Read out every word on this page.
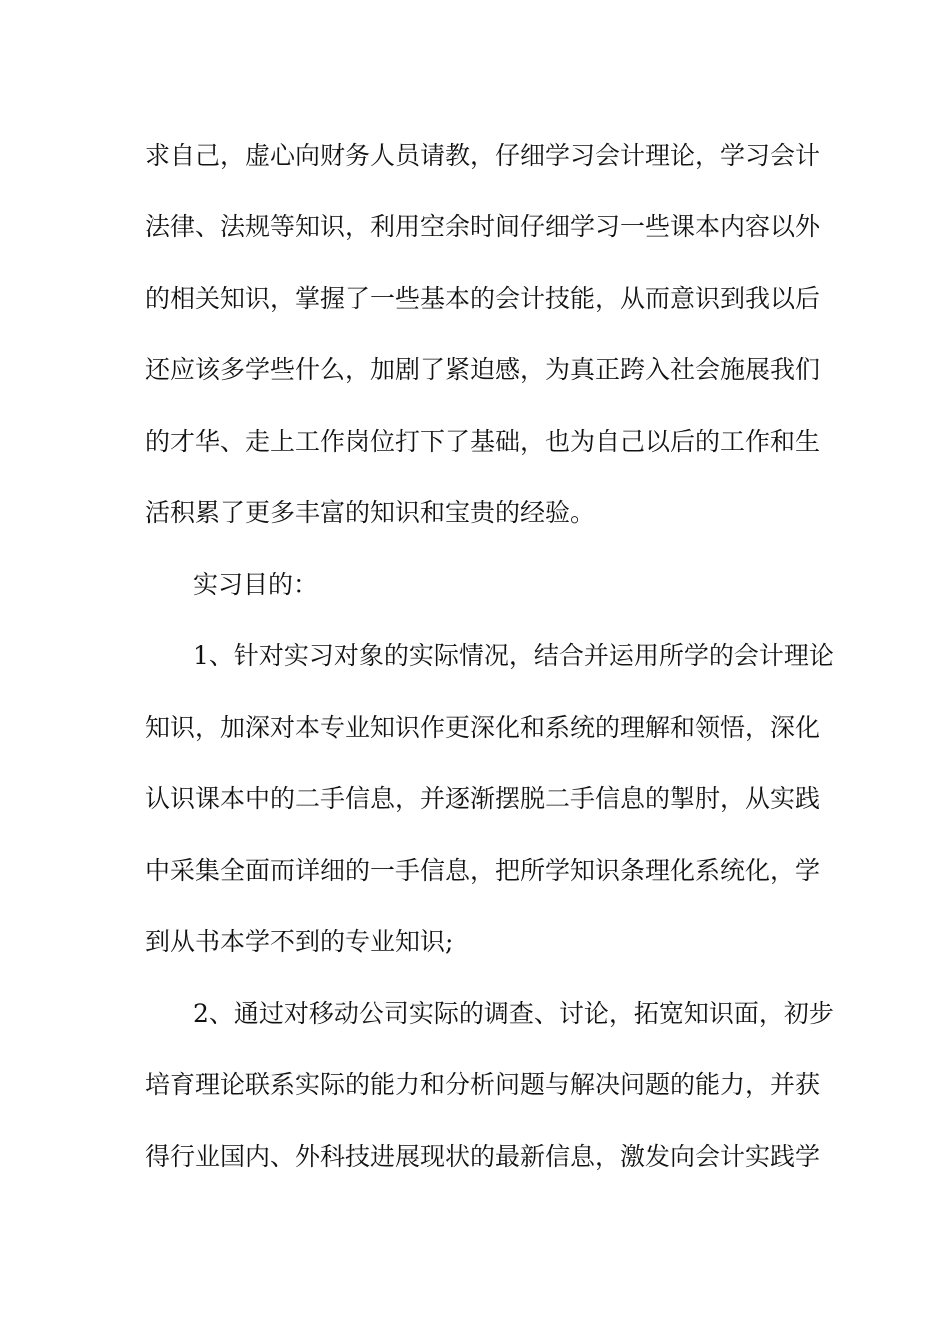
求自己，虚心向财务人员请教，仔细学习会计理论，学习会计
法律、法规等知识，利用空余时间仔细学习一些课本内容以外
的相关知识，掌握了一些基本的会计技能，从而意识到我以后
还应该多学些什么，加剧了紧迫感，为真正跨入社会施展我们
的才华、走上工作岗位打下了基础，也为自己以后的工作和生
活积累了更多丰富的知识和宝贵的经验。
实习目的：
1、针对实习对象的实际情况，结合并运用所学的会计理论
知识，加深对本专业知识作更深化和系统的理解和领悟，深化
认识课本中的二手信息，并逐渐摆脱二手信息的掣肘，从实践
中采集全面而详细的一手信息，把所学知识条理化系统化，学
到从书本学不到的专业知识;
2、通过对移动公司实际的调查、讨论，拓宽知识面，初步
培育理论联系实际的能力和分析问题与解决问题的能力，并获
得行业国内、外科技进展现状的最新信息，激发向会计实践学
